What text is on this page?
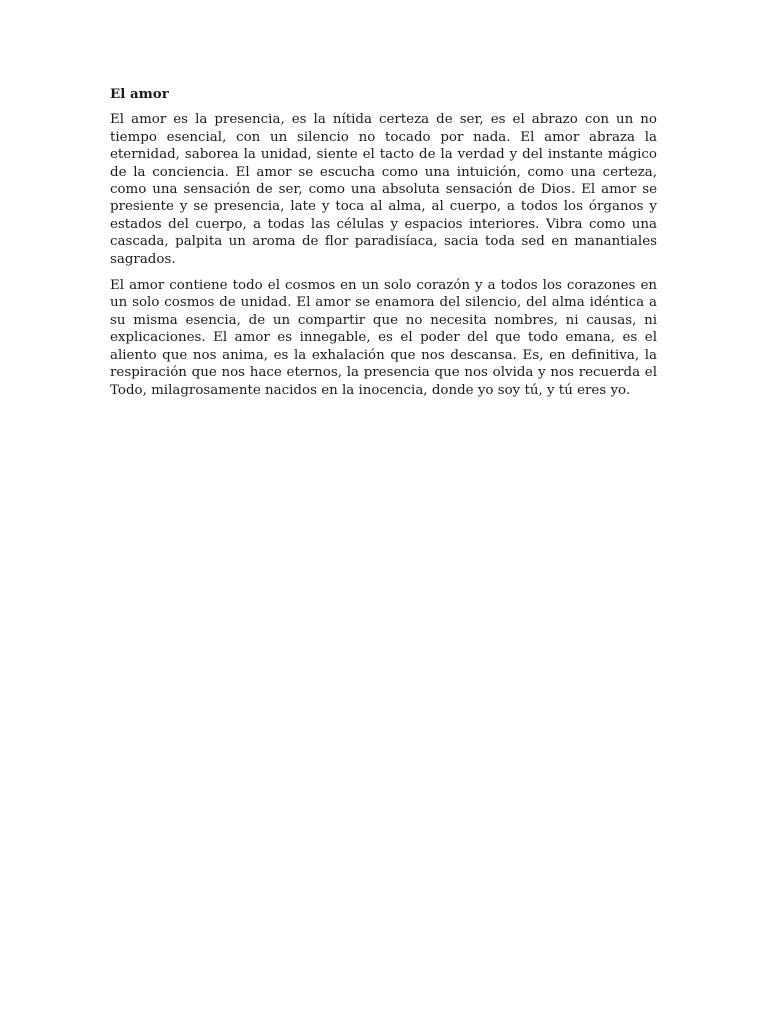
El amor

El amor es la presencia, es la nítida certeza de ser, es el abrazo con un no tiempo esencial, con un silencio no tocado por nada. El amor abraza la eternidad, saborea la unidad, siente el tacto de la verdad y del instante mágico de la conciencia. El amor se escucha como una intuición, como una certeza, como una sensación de ser, como una absoluta sensación de Dios. El amor se presiente y se presencia, late y toca al alma, al cuerpo, a todos los órganos y estados del cuerpo, a todas las células y espacios interiores. Vibra como una cascada, palpita un aroma de flor paradisíaca, sacia toda sed en manantiales sagrados.

El amor contiene todo el cosmos en un solo corazón y a todos los corazones en un solo cosmos de unidad. El amor se enamora del silencio, del alma idéntica a su misma esencia, de un compartir que no necesita nombres, ni causas, ni explicaciones. El amor es innegable, es el poder del que todo emana, es el aliento que nos anima, es la exhalación que nos descansa. Es, en definitiva, la respiración que nos hace eternos, la presencia que nos olvida y nos recuerda el Todo, milagrosamente nacidos en la inocencia, donde yo soy tú, y tú eres yo.
